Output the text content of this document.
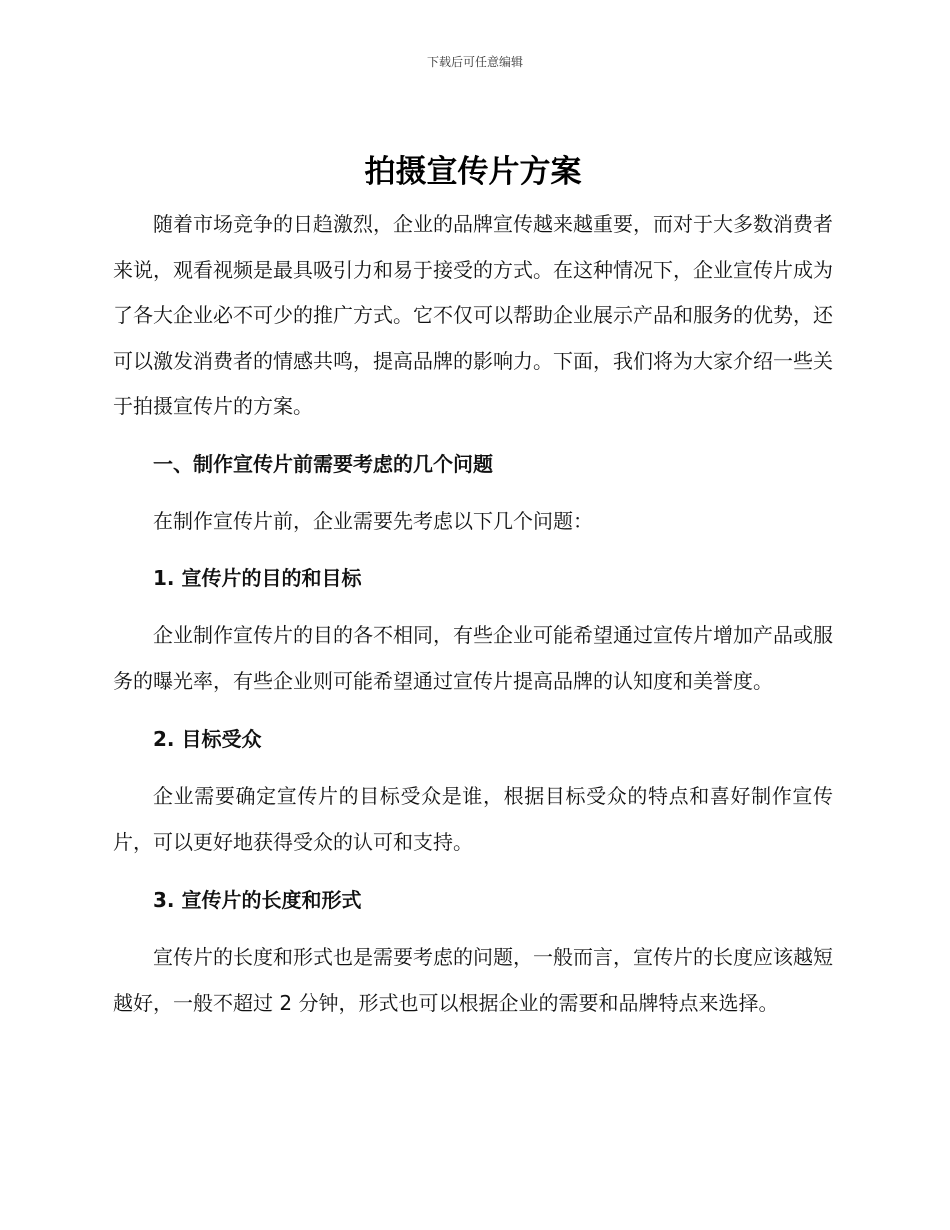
下载后可任意编辑
拍摄宣传片方案

随着市场竞争的日趋激烈，企业的品牌宣传越来越重要，而对于大多数消费者来说，观看视频是最具吸引力和易于接受的方式。在这种情况下，企业宣传片成为了各大企业必不可少的推广方式。它不仅可以帮助企业展示产品和服务的优势，还可以激发消费者的情感共鸣，提高品牌的影响力。下面，我们将为大家介绍一些关于拍摄宣传片的方案。

一、制作宣传片前需要考虑的几个问题

在制作宣传片前，企业需要先考虑以下几个问题：

1. 宣传片的目的和目标

企业制作宣传片的目的各不相同，有些企业可能希望通过宣传片增加产品或服务的曝光率，有些企业则可能希望通过宣传片提高品牌的认知度和美誉度。

2. 目标受众

企业需要确定宣传片的目标受众是谁，根据目标受众的特点和喜好制作宣传片，可以更好地获得受众的认可和支持。

3. 宣传片的长度和形式

宣传片的长度和形式也是需要考虑的问题，一般而言，宣传片的长度应该越短越好，一般不超过 2 分钟，形式也可以根据企业的需要和品牌特点来选择。
